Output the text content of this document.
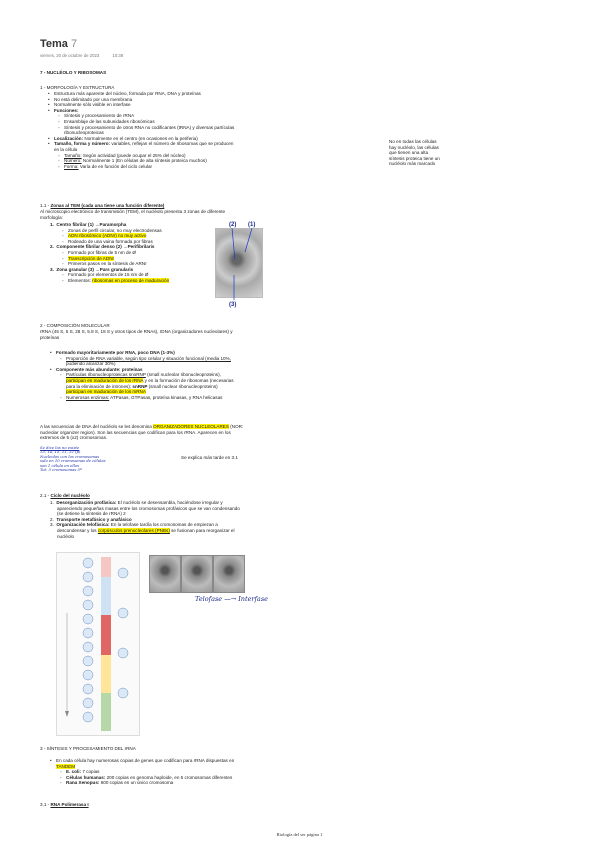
Tema 7
viernes, 20 de octubre de 2023	10:38
7 - NUCLÉOLO Y RIBOSOMAS
1 - MORFOLOGÍA Y ESTRUCTURA
• Estructura más aparente del núcleo, formada por RNA, DNA y proteínas
• No está delimitado por una membrana
• Normalmente sólo visible en interfase
• Funciones:
◦ Síntesis y procesamiento de rRNA
◦ Ensamblaje de las subunidades ribosómicas
◦ Síntesis y procesamiento de otros RNA no codificantes (tRNA) y diversas partículas
ribonucleoproteicas
• Localización: Normalmente en el centro (en ocasiones en la periferia)
• Tamaño, forma y número: variables, reflejan el número de ribosomas que se producen
en la célula
◦ Tamaño: Según actividad (puede ocupar el 25% del núcleo)
◦ Número: Normalmente 1 (En células de alta síntesis proteica muchos)
◦ Forma: Varía de en función del ciclo celular
No en todas las células
hay nucléolo, las células
que tienen una alta
síntesis proteica tiene un
nucléolo más marcado
1.1 - Zonas al TEM (cada una tiene una función diferente)
Al microscopio electrónico de transmisión (TEM), el nucléolo presenta 3 zonas de diferente
morfología:
1.  Centro fibrilar (1) →Paramorpha
◦ Zonas de perfil circular, no muy electrodensas
◦ ADN ribosómico (ADNr) no muy activo
◦ Rodeado de una vaina formada por fibras
2.  Componente fibrilar denso (2) →Perifibrilaris
◦ Formado por fibras de 5 nm de Ø
◦ Transcripción de ADNr
◦ Primeros pasos en la síntesis de ARNr
3.  Zona granular (3) →Pars granularis
◦ Formado por elementos de 15 nm de Ø
◦ Elementos: ribosomas en proceso de maduración
(2) (1)
(3)
2 - COMPOSICIÓN MOLECULAR
rRNA (45 S, 5 S, 28 S, 5.8 S, 18 S y otros tipos de RNAs), rDNA (organizadores nucleolares) y
proteínas
• Formado mayoritariamente por RNA, poco DNA (1-3%)
◦ Proporción de RNA variable, según tipo celular y situación funcional (media 10%,
pudiendo alcanzar 30%)
• Componente más abundante: proteínas
◦ Partículas ribonucleoproteicas snoRNP (small nucleolar ribonucleoproteins),
participan en maduración de los rRNA y en la formación de ribosomas (necesarias
para la eliminación de intrones); snRNP (small nuclear ribonucleoproteins)
participan en maduración de los mRNA
◦ Numerosas enzimas: ATPasas, GTPasas, proteína kinasas, y RNA helicasas
A las secuencias de DNA del nucléolo se les denomina ORGANIZADORES NUCLEOLARES (NOR:
nucleolar organizer region). Son las secuencias que codifican para los rRNA. Aparecen en los
extremos de 5 (x2) cromosomas.
Se dice los no existe
13, 14, 15, 21, 22 (p)
Nucleolos con los cromosomas
solo en 10 cromosomas de células
son 1 célula en ellos
Tot: 3 cromosomas 5ª
Se explica más tarde en 3.1
2.1 - Ciclo del nucléolo
1.  Desorganización profásica: El nucléolo se desensambla, haciéndose irregular y
apareciendo pequeñas masas entre los cromosomas profásicos que se van condensando
(se detiene la síntesis de rRNA) 2
2.  Transporte metafásico y anafásico
3.  Organización telofásica: En la telofase tardía los cromosomas de empiezan a
descondensar y los corpúsculos prenucleolares (PNBs) se fusionan para reorganizar el
nucléolo
Telofase —→ Interfase
3 - SÍNTESIS Y PROCESAMIENTO DEL rRNA
• En cada célula hay numerosas copias de genes que codifican para rRNA dispuestas en
TANDEM
◦ E. coli: 7 copias
◦ Células humanas: 200 copias en genoma haploide, en 5 cromosomas diferentes
◦ Rana Xenopus: 600 copias en un único cromosoma
3.1 - RNA Polimerasa I
Biología del ser página 1
